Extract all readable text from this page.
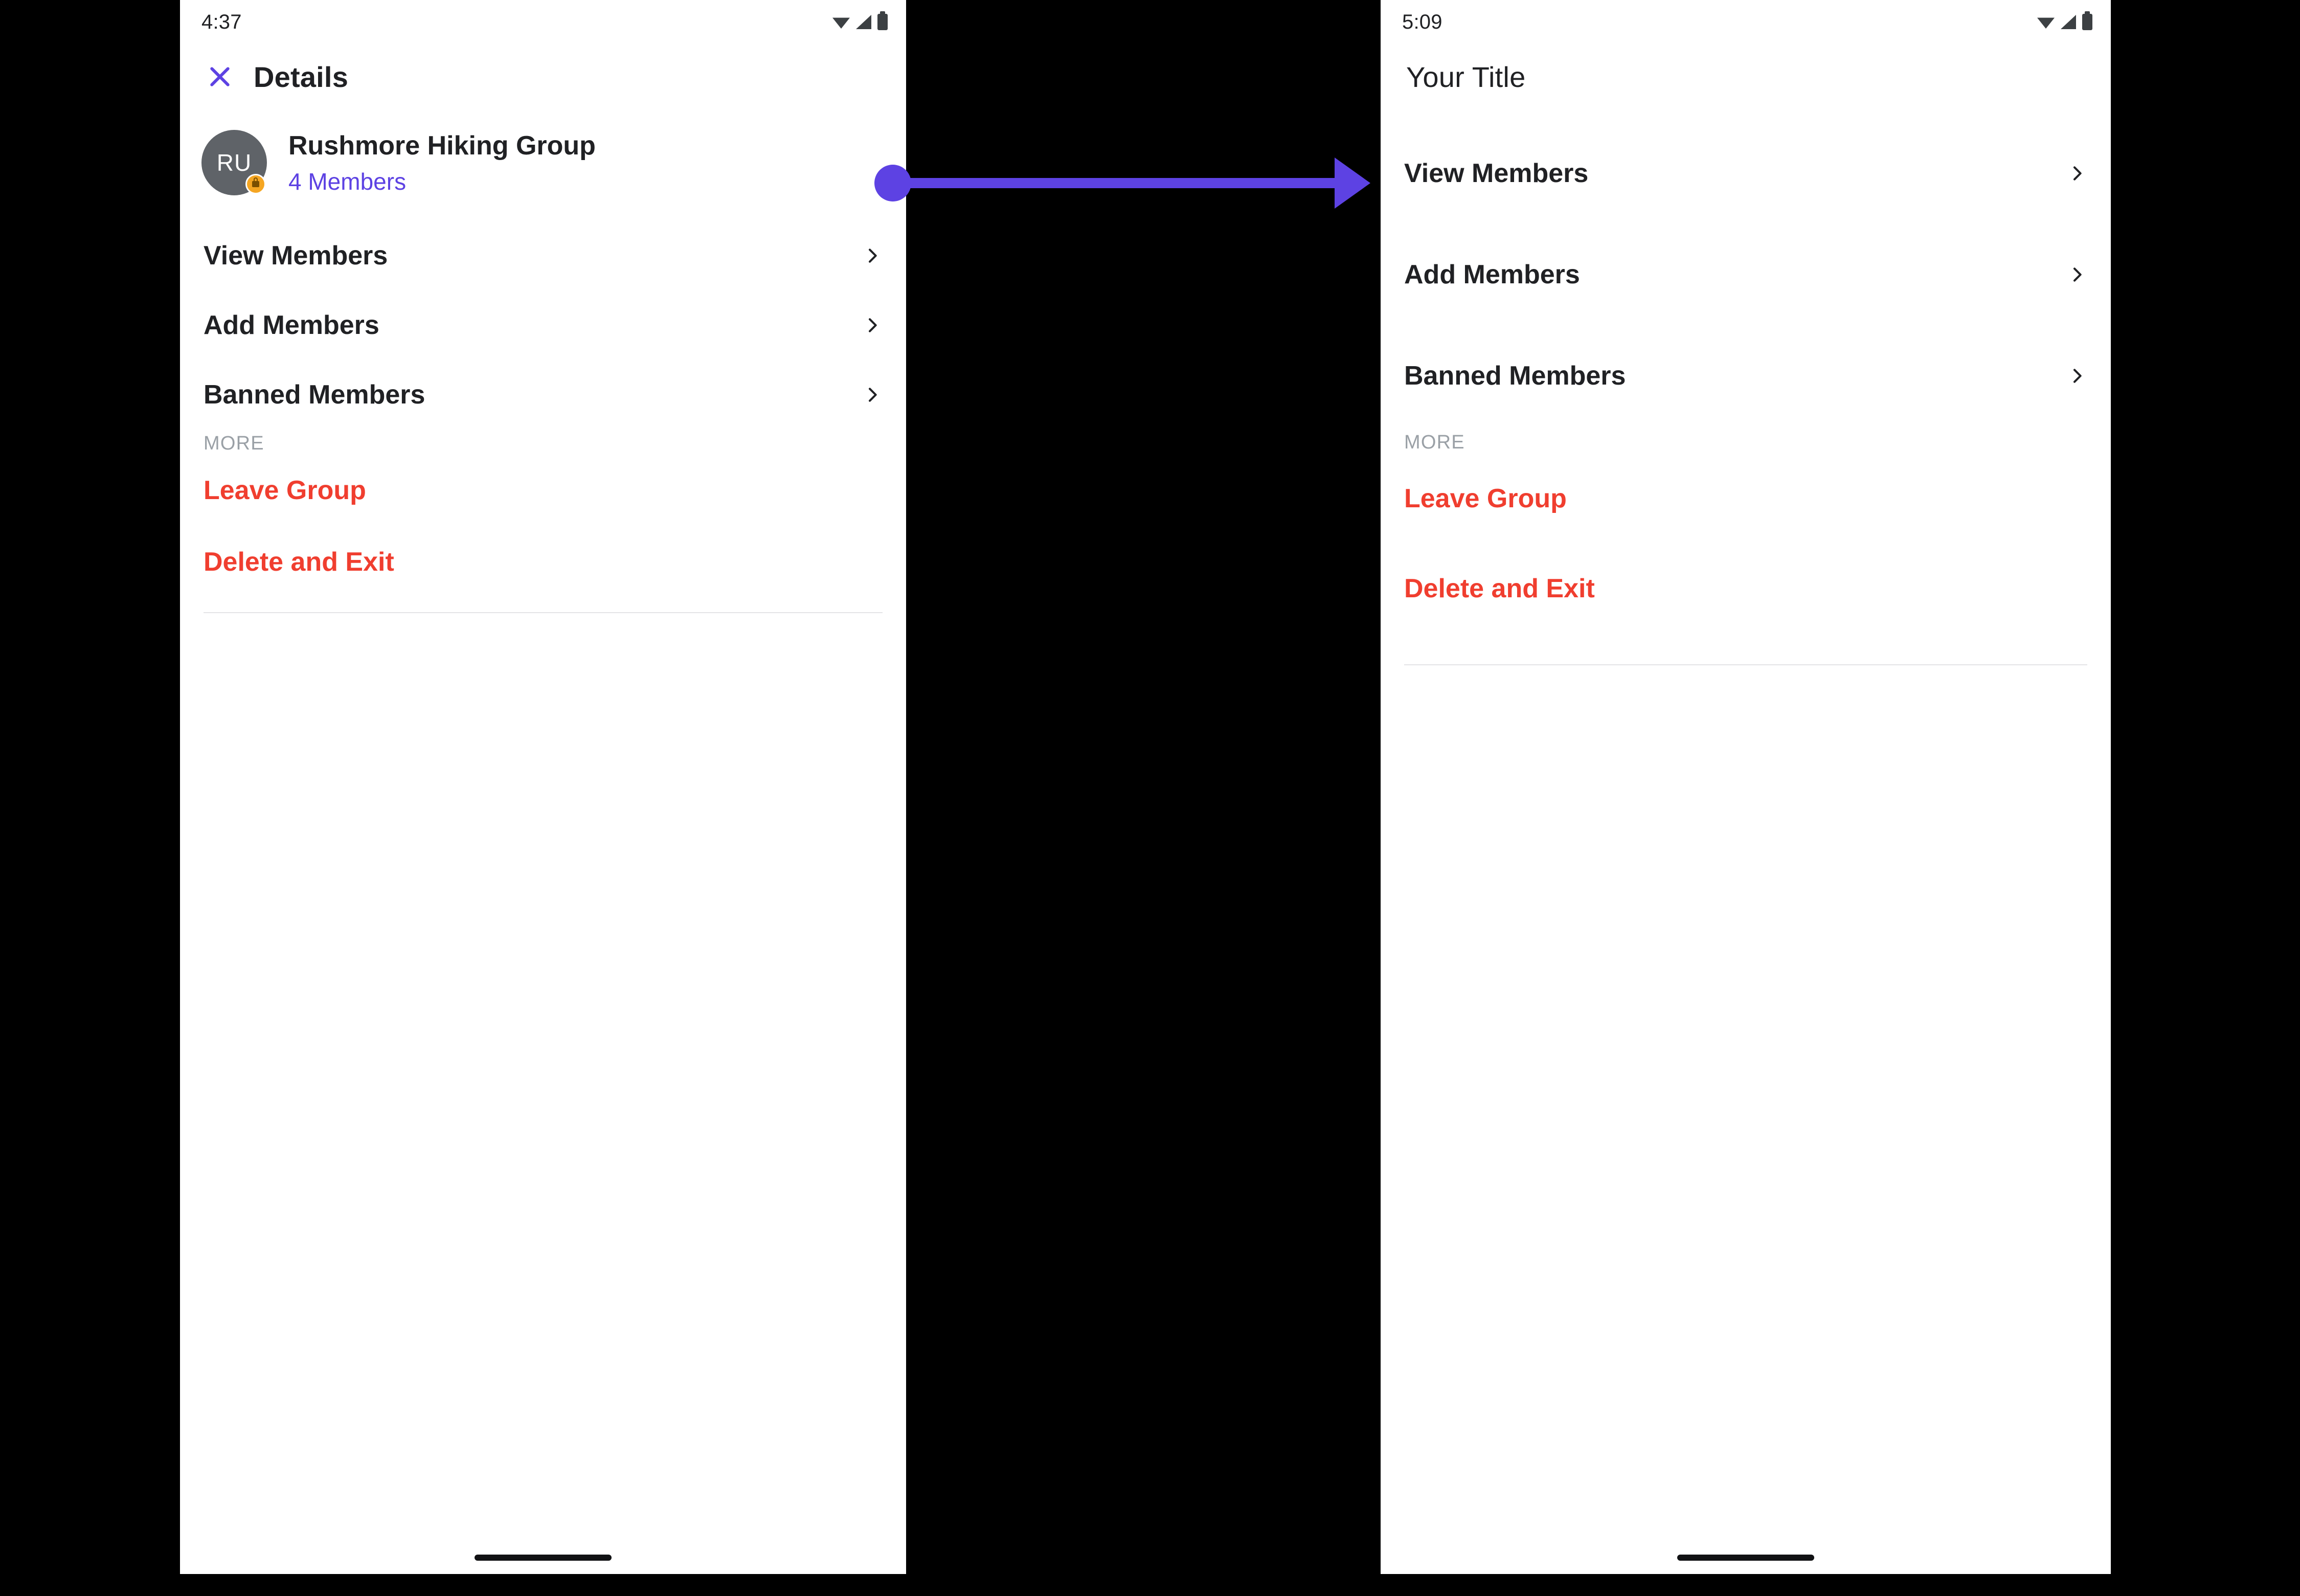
4:37
Details
RU
Rushmore Hiking Group
4 Members
View Members
Add Members
Banned Members
MORE
Leave Group
Delete and Exit
5:09
Your Title
View Members
Add Members
Banned Members
MORE
Leave Group
Delete and Exit
